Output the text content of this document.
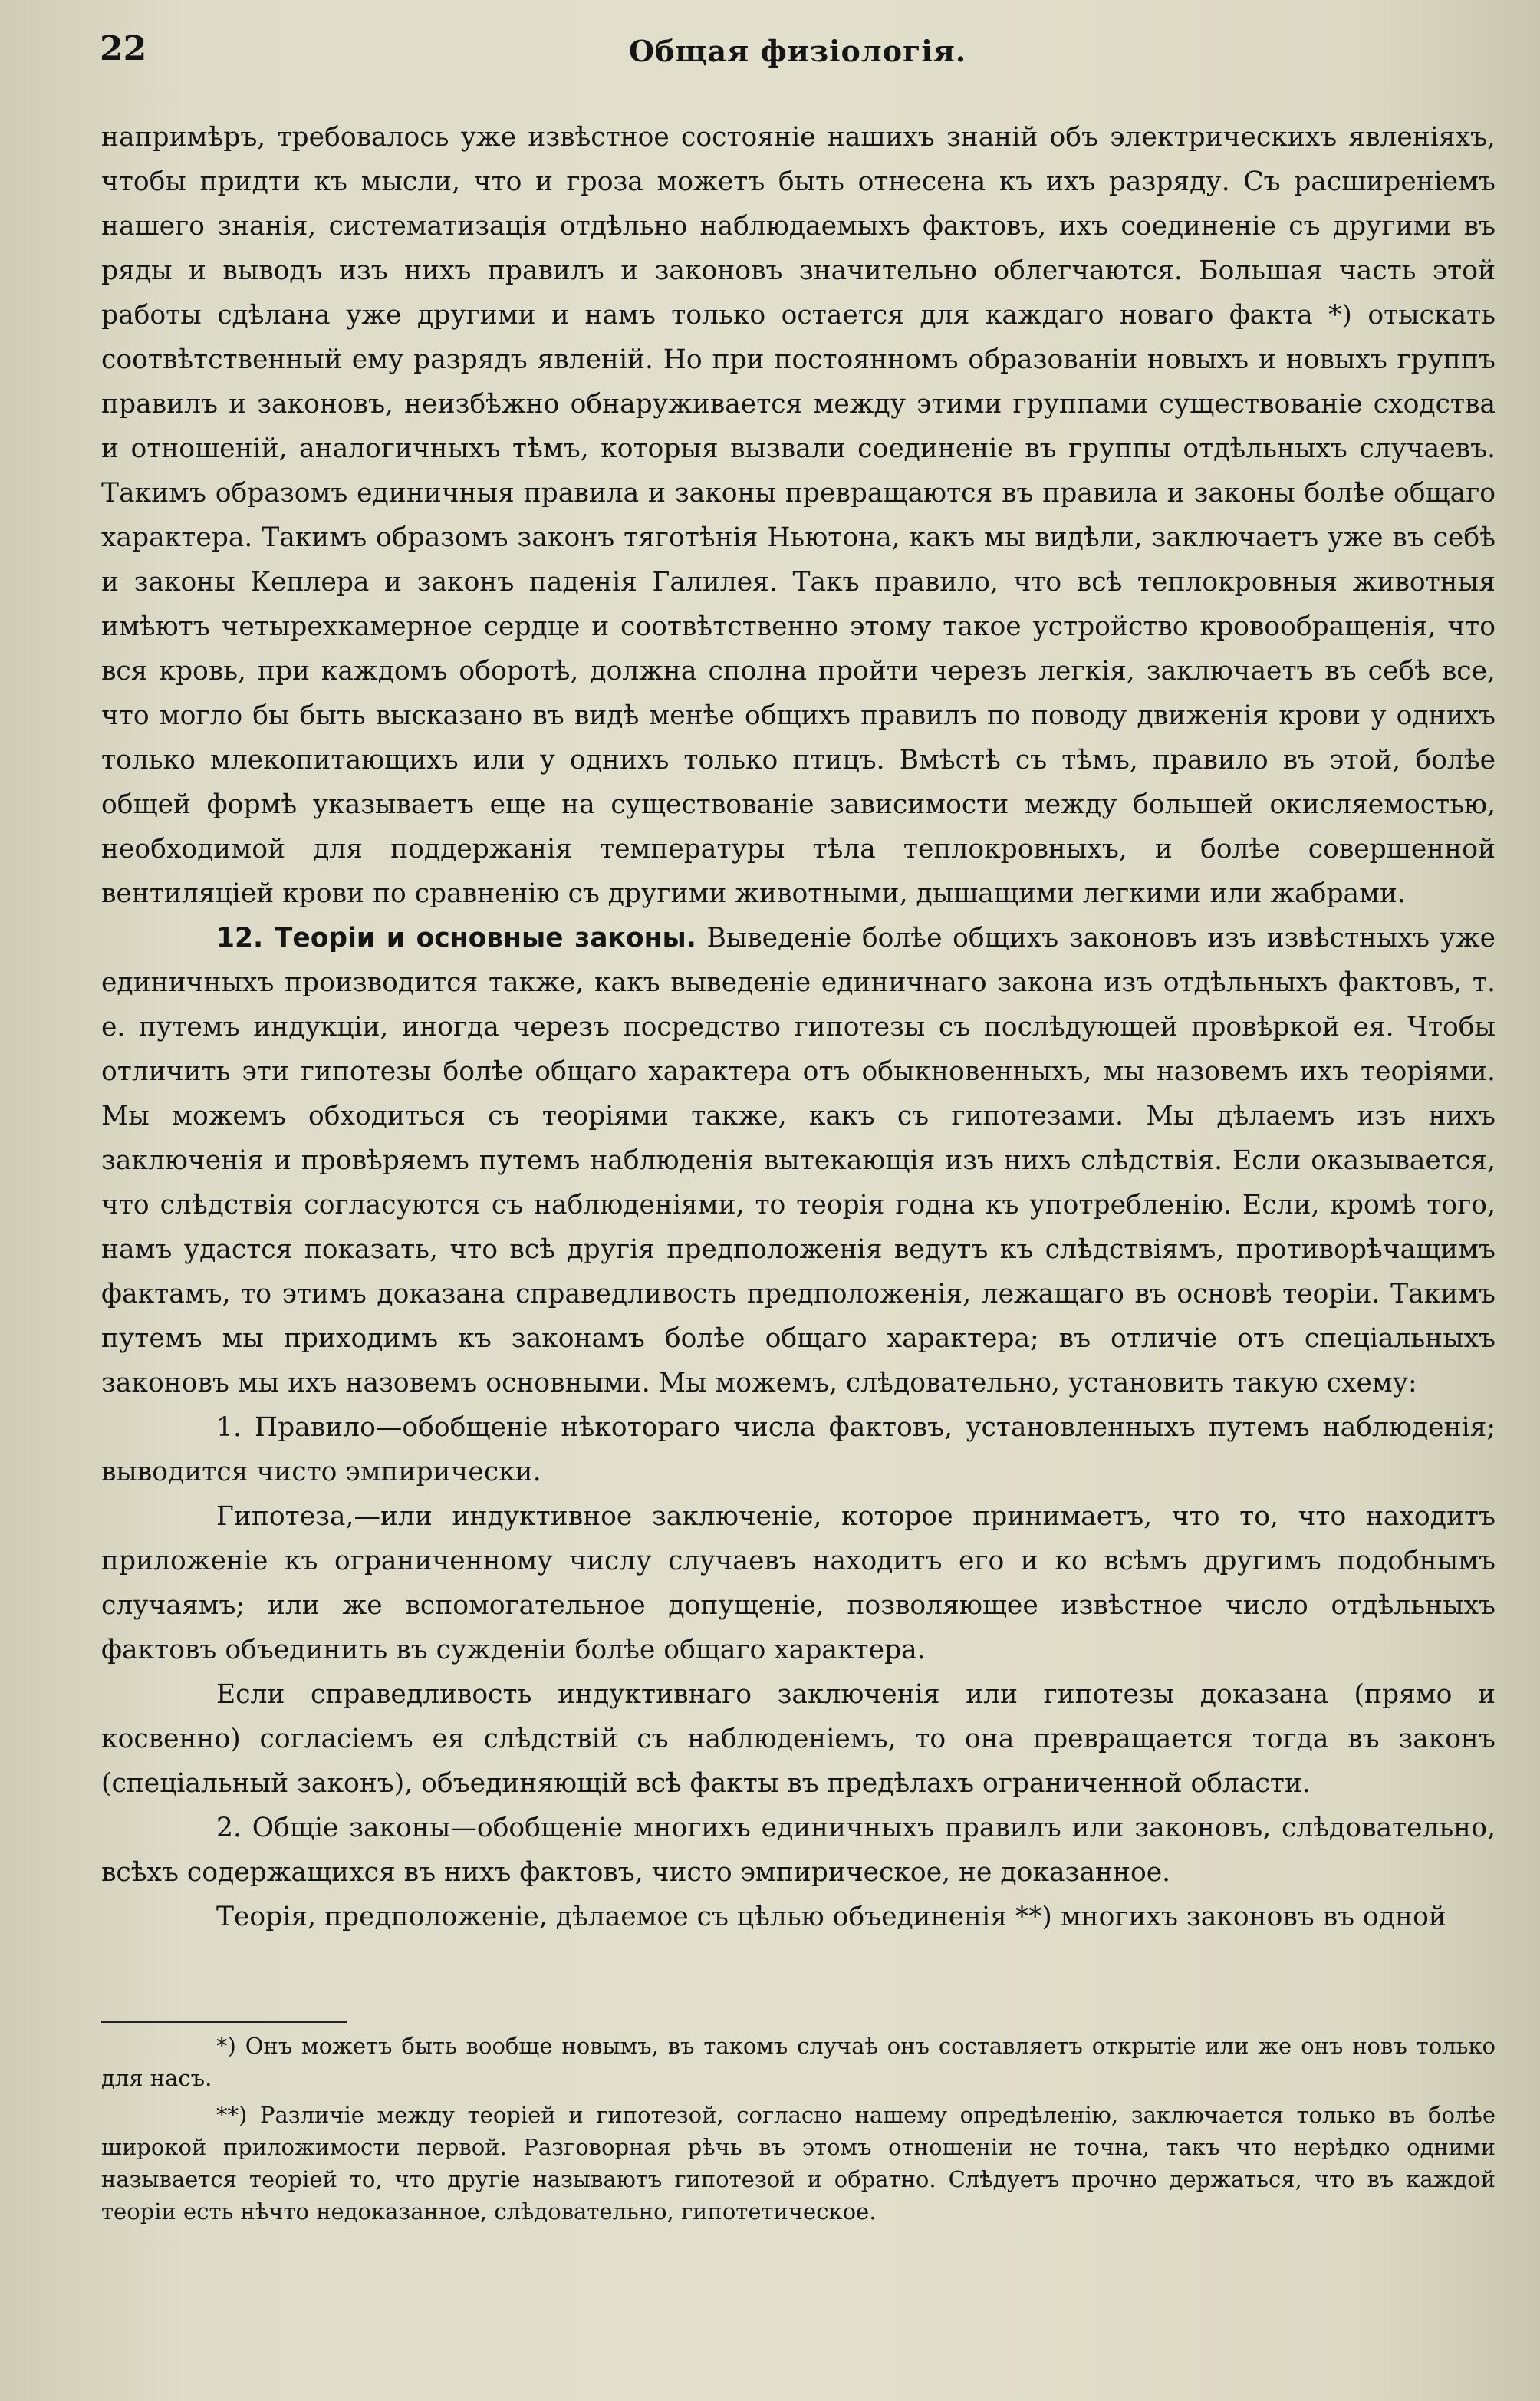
22	Общая физіологія.

напримѣръ, требовалось уже извѣстное состояніе нашихъ знаній объ электрическихъ явленіяхъ, чтобы придти къ мысли, что и гроза можетъ быть отнесена къ ихъ разряду. Съ расширеніемъ нашего знанія, систематизація отдѣльно наблюдаемыхъ фактовъ, ихъ соединеніе съ другими въ ряды и выводъ изъ нихъ правилъ и законовъ значительно облегчаются. Большая часть этой работы сдѣлана уже другими и намъ только остается для каждаго новаго факта *) отыскать соотвѣтственный ему разрядъ явленій. Но при постоянномъ образованіи новыхъ и новыхъ группъ правилъ и законовъ, неизбѣжно обнаруживается между этими группами существованіе сходства и отношеній, аналогичныхъ тѣмъ, которыя вызвали соединеніе въ группы отдѣльныхъ случаевъ. Такимъ образомъ единичныя правила и законы превращаются въ правила и законы болѣе общаго характера. Такимъ образомъ законъ тяготѣнія Ньютона, какъ мы видѣли, заключаетъ уже въ себѣ и законы Кеплера и законъ паденія Галилея. Такъ правило, что всѣ теплокровныя животныя имѣютъ четырехкамерное сердце и соотвѣтственно этому такое устройство кровообращенія, что вся кровь, при каждомъ оборотѣ, должна сполна пройти черезъ легкія, заключаетъ въ себѣ все, что могло бы быть высказано въ видѣ менѣе общихъ правилъ по поводу движенія крови у однихъ только млекопитающихъ или у однихъ только птицъ. Вмѣстѣ съ тѣмъ, правило въ этой, болѣе общей формѣ указываетъ еще на существованіе зависимости между большей окисляемостью, необходимой для поддержанія температуры тѣла теплокровныхъ, и болѣе совершенной вентиляціей крови по сравненію съ другими животными, дышащими легкими или жабрами.

12. Теоріи и основные законы. Выведеніе болѣе общихъ законовъ изъ извѣстныхъ уже единичныхъ производится также, какъ выведеніе единичнаго закона изъ отдѣльныхъ фактовъ, т. е. путемъ индукціи, иногда черезъ посредство гипотезы съ послѣдующей провѣркой ея. Чтобы отличить эти гипотезы болѣе общаго характера отъ обыкновенныхъ, мы назовемъ ихъ теоріями. Мы можемъ обходиться съ теоріями также, какъ съ гипотезами. Мы дѣлаемъ изъ нихъ заключенія и провѣряемъ путемъ наблюденія вытекающія изъ нихъ слѣдствія. Если оказывается, что слѣдствія согласуются съ наблюденіями, то теорія годна къ употребленію. Если, кромѣ того, намъ удастся показать, что всѣ другія предположенія ведутъ къ слѣдствіямъ, противорѣчащимъ фактамъ, то этимъ доказана справедливость предположенія, лежащаго въ основѣ теоріи. Такимъ путемъ мы приходимъ къ законамъ болѣе общаго характера; въ отличіе отъ спеціальныхъ законовъ мы ихъ назовемъ основными. Мы можемъ, слѣдовательно, установить такую схему:

1. Правило—обобщеніе нѣкотораго числа фактовъ, установленныхъ путемъ наблюденія; выводится чисто эмпирически.

Гипотеза,—или индуктивное заключеніе, которое принимаетъ, что то, что находитъ приложеніе къ ограниченному числу случаевъ находитъ его и ко всѣмъ другимъ подобнымъ случаямъ; или же вспомогательное допущеніе, позволяющее извѣстное число отдѣльныхъ фактовъ объединить въ сужденіи болѣе общаго характера.

Если справедливость индуктивнаго заключенія или гипотезы доказана (прямо и косвенно) согласіемъ ея слѣдствій съ наблюденіемъ, то она превращается тогда въ законъ (спеціальный законъ), объединяющій всѣ факты въ предѣлахъ ограниченной области.

2. Общіе законы—обобщеніе многихъ единичныхъ правилъ или законовъ, слѣдовательно, всѣхъ содержащихся въ нихъ фактовъ, чисто эмпирическое, не доказанное.

Теорія, предположеніе, дѣлаемое съ цѣлью объединенія **) многихъ законовъ въ одной

*) Онъ можетъ быть вообще новымъ, въ такомъ случаѣ онъ составляетъ открытіе или же онъ новъ только для насъ.

**) Различіе между теоріей и гипотезой, согласно нашему опредѣленію, заключается только въ болѣе широкой приложимости первой. Разговорная рѣчь въ этомъ отношеніи не точна, такъ что нерѣдко одними называется теоріей то, что другіе называютъ гипотезой и обратно. Слѣдуетъ прочно держаться, что въ каждой теоріи есть нѣчто недоказанное, слѣдовательно, гипотетическое.
